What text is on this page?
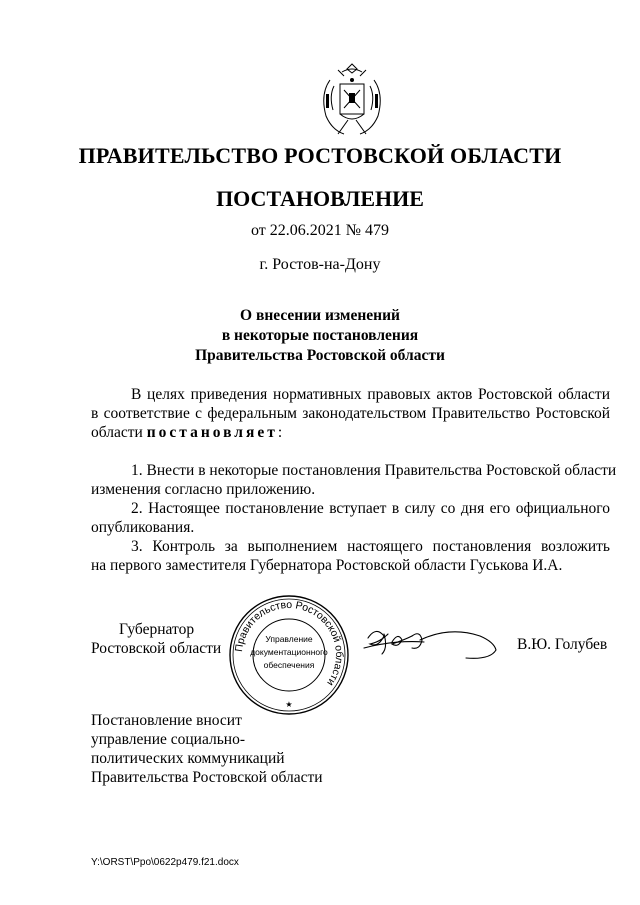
ПРАВИТЕЛЬСТВО РОСТОВСКОЙ ОБЛАСТИ
ПОСТАНОВЛЕНИЕ
от 22.06.2021 № 479
г. Ростов-на-Дону
О внесении изменений
в некоторые постановления
Правительства Ростовской области
В целях приведения нормативных правовых актов Ростовской области
в соответствие с федеральным законодательством Правительство Ростовской
области постановляет:
1. Внести в некоторые постановления Правительства Ростовской области
изменения согласно приложению.
2. Настоящее постановление вступает в силу со дня его официального
опубликования.
3. Контроль за выполнением настоящего постановления возложить
на первого заместителя Губернатора Ростовской области Гуськова И.А.
Губернатор
Ростовской области Правительство Ростовской области
Управление
документационного
обеспечения
★
В.Ю. Голубев
Постановление вносит
управление социально-
политических коммуникаций
Правительства Ростовской области
Y:\ORST\Ppo\0622p479.f21.docx
